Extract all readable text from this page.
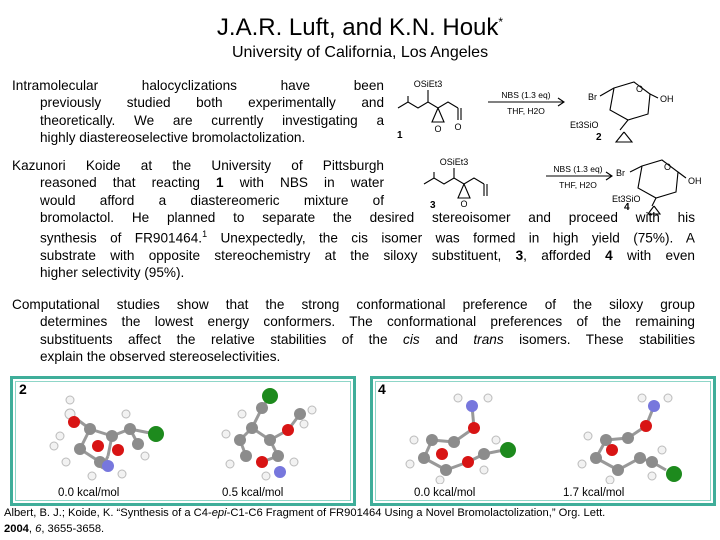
J.A.R. Luft, and K.N. Houk*
University of California, Los Angeles
Intramolecular halocyclizations have been
previously studied both experimentally and
theoretically. We are currently investigating a
highly diastereoselective bromolactolization.
Kazunori Koide at the University of Pittsburgh
reasoned that reacting 1 with NBS in water
would afford a diastereomeric mixture of
bromolactol. He planned to separate the desired stereoisomer and proceed with his
synthesis of FR901464.$^1$ Unexpectedly, the cis isomer was formed in high yield (75%). A
substrate with opposite stereochemistry at the siloxy substituent, 3, afforded 4 with even
higher selectivity (95%).
Computational studies show that the strong conformational preference of the siloxy group
determines the lowest energy conformers. The conformational preferences of the remaining
substituents affect the relative stabilities of the cis and trans isomers. These stabilities
explain the observed stereoselectivities.
OSiEt3
O
O
1
NBS (1.3 eq)
THF, H2O
Br	OH
O
Et3SiO
2
OSiEt3
O
3
NBS (1.3 eq)
THF, H2O
Br
OH
O
Et3SiO
4
2
0.0 kcal/mol	0.5 kcal/mol
4
0.0 kcal/mol	1.7 kcal/mol
Albert, B. J.; Koide, K. “Synthesis of a C4-epi-C1-C6 Fragment of FR901464 Using a Novel Bromolactolization,” Org. Lett.
2004, 6, 3655-3658.
